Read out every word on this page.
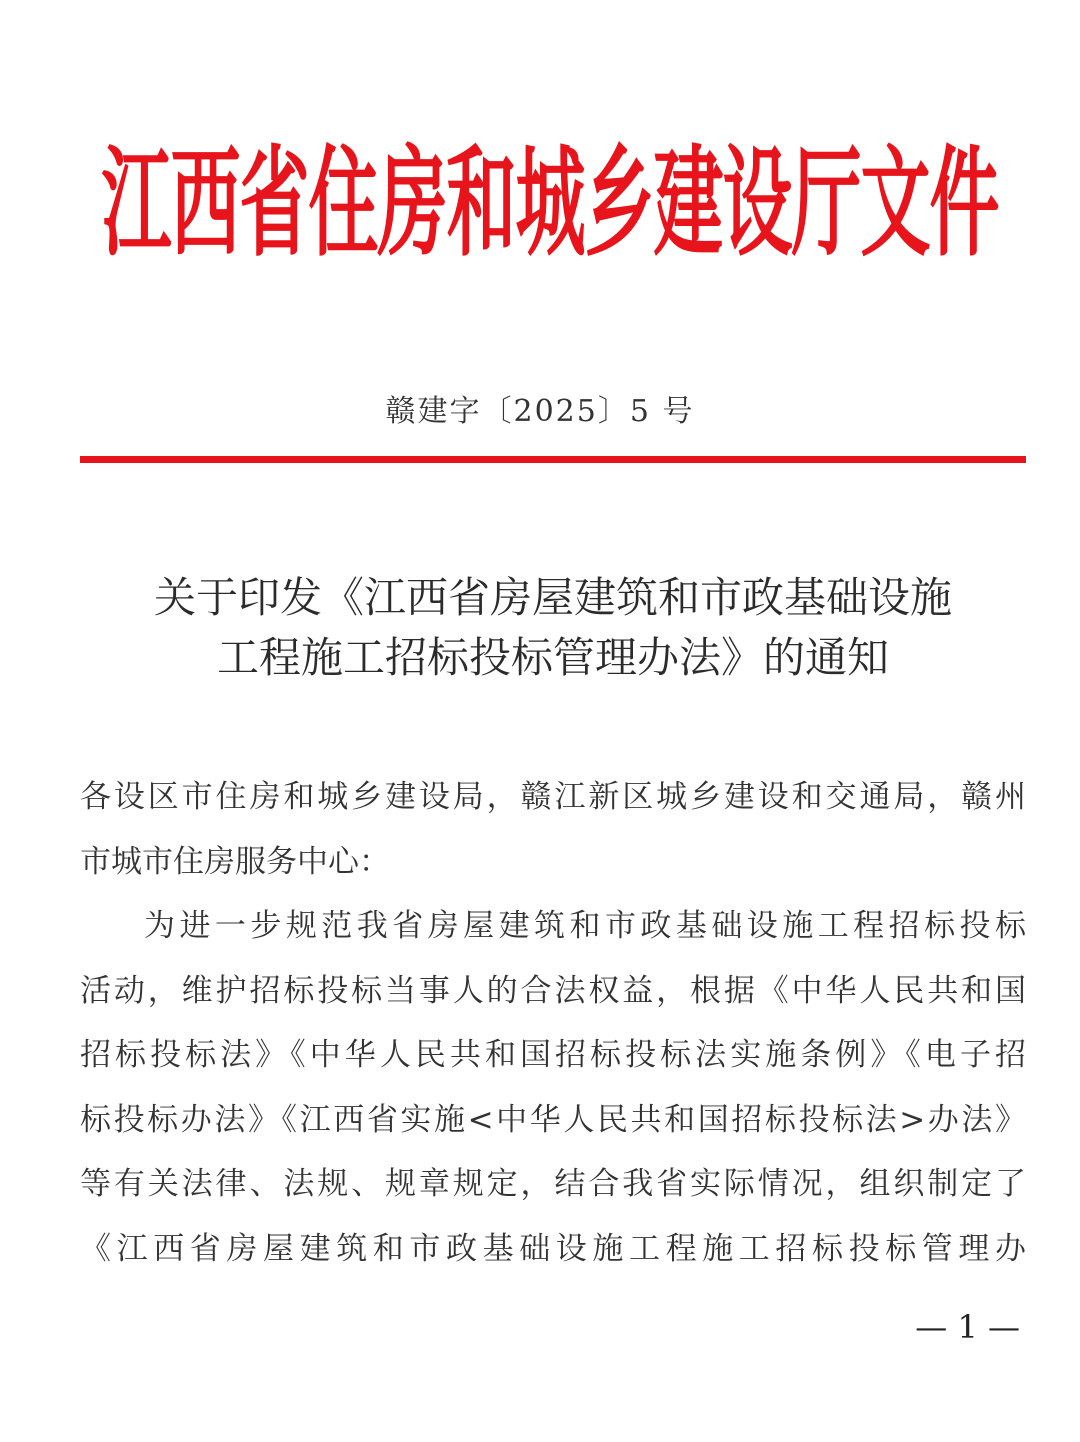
江西省住房和城乡建设厅文件
赣建字〔2025〕5 号
关于印发《江西省房屋建筑和市政基础设施
工程施工招标投标管理办法》的通知
各设区市住房和城乡建设局，赣江新区城乡建设和交通局，赣州
市城市住房服务中心：
为进一步规范我省房屋建筑和市政基础设施工程招标投标
活动，维护招标投标当事人的合法权益，根据《中华人民共和国
招标投标法》《中华人民共和国招标投标法实施条例》《电子招
标投标办法》《江西省实施<中华人民共和国招标投标法>办法》
等有关法律、法规、规章规定，结合我省实际情况，组织制定了
《江西省房屋建筑和市政基础设施工程施工招标投标管理办
— 1 —
